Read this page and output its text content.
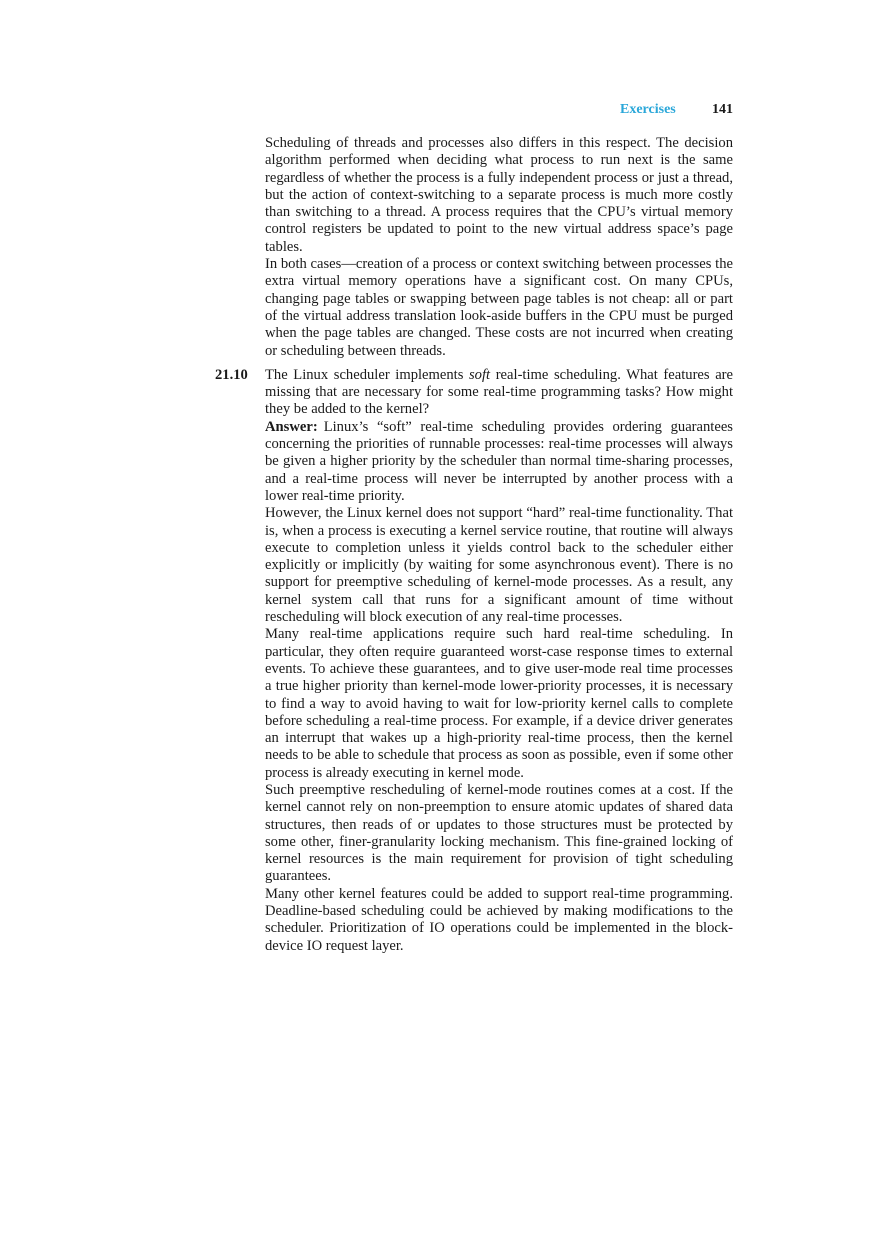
Exercises	141

Scheduling of threads and processes also differs in this respect. The decision algorithm performed when deciding what process to run next is the same regardless of whether the process is a fully independent process or just a thread, but the action of context-switching to a separate process is much more costly than switching to a thread. A process requires that the CPU’s virtual memory control registers be updated to point to the new virtual address space’s page tables.

In both cases—creation of a process or context switching between processes the extra virtual memory operations have a significant cost. On many CPUs, changing page tables or swapping between page tables is not cheap: all or part of the virtual address translation look-aside buffers in the CPU must be purged when the page tables are changed. These costs are not incurred when creating or scheduling between threads.

21.10 The Linux scheduler implements soft real-time scheduling. What features are missing that are necessary for some real-time programming tasks? How might they be added to the kernel?

Answer: Linux’s “soft” real-time scheduling provides ordering guarantees concerning the priorities of runnable processes: real-time processes will always be given a higher priority by the scheduler than normal time-sharing processes, and a real-time process will never be interrupted by another process with a lower real-time priority.

However, the Linux kernel does not support “hard” real-time functionality. That is, when a process is executing a kernel service routine, that routine will always execute to completion unless it yields control back to the scheduler either explicitly or implicitly (by waiting for some asynchronous event). There is no support for preemptive scheduling of kernel-mode processes. As a result, any kernel system call that runs for a significant amount of time without rescheduling will block execution of any real-time processes.

Many real-time applications require such hard real-time scheduling. In particular, they often require guaranteed worst-case response times to external events. To achieve these guarantees, and to give user-mode real time processes a true higher priority than kernel-mode lower-priority processes, it is necessary to find a way to avoid having to wait for low-priority kernel calls to complete before scheduling a real-time process. For example, if a device driver generates an interrupt that wakes up a high-priority real-time process, then the kernel needs to be able to schedule that process as soon as possible, even if some other process is already executing in kernel mode.

Such preemptive rescheduling of kernel-mode routines comes at a cost. If the kernel cannot rely on non-preemption to ensure atomic updates of shared data structures, then reads of or updates to those structures must be protected by some other, finer-granularity locking mechanism. This fine-grained locking of kernel resources is the main requirement for provision of tight scheduling guarantees.

Many other kernel features could be added to support real-time programming. Deadline-based scheduling could be achieved by making modifications to the scheduler. Prioritization of IO operations could be implemented in the block-device IO request layer.
